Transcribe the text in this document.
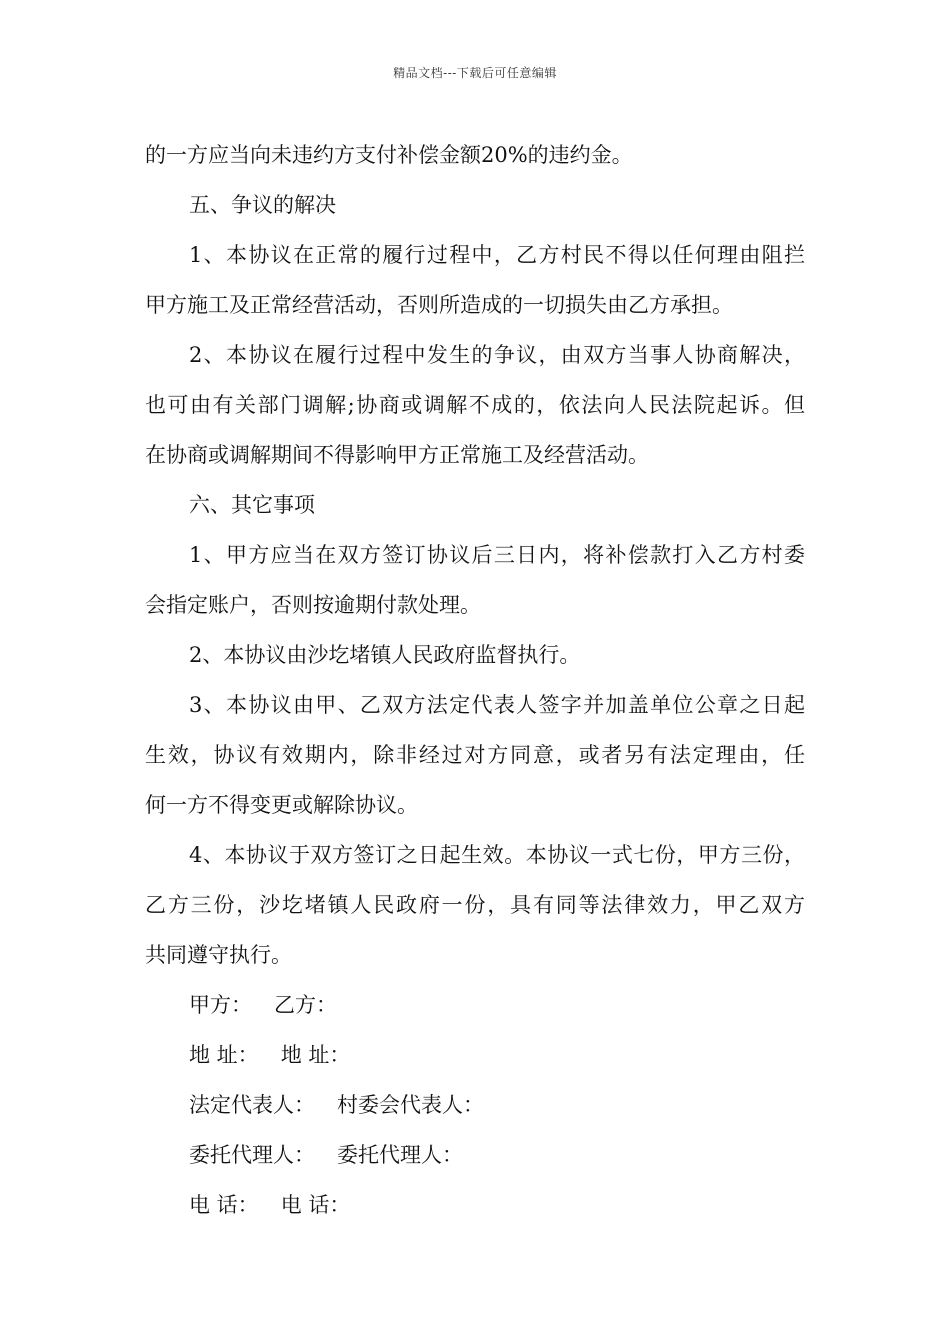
精品文档---下载后可任意编辑
的一方应当向未违约方支付补偿金额20%的违约金。
五、争议的解决
1、本协议在正常的履行过程中，乙方村民不得以任何理由阻拦
甲方施工及正常经营活动，否则所造成的一切损失由乙方承担。
2、本协议在履行过程中发生的争议，由双方当事人协商解决，
也可由有关部门调解;协商或调解不成的，依法向人民法院起诉。但
在协商或调解期间不得影响甲方正常施工及经营活动。
六、其它事项
1、甲方应当在双方签订协议后三日内，将补偿款打入乙方村委
会指定账户，否则按逾期付款处理。
2、本协议由沙圪堵镇人民政府监督执行。
3、本协议由甲、乙双方法定代表人签字并加盖单位公章之日起
生效，协议有效期内，除非经过对方同意，或者另有法定理由，任
何一方不得变更或解除协议。
4、本协议于双方签订之日起生效。本协议一式七份，甲方三份，
乙方三份，沙圪堵镇人民政府一份，具有同等法律效力，甲乙双方
共同遵守执行。
甲方： 乙方：
地 址： 地 址：
法定代表人： 村委会代表人：
委托代理人： 委托代理人：
电 话： 电 话：
